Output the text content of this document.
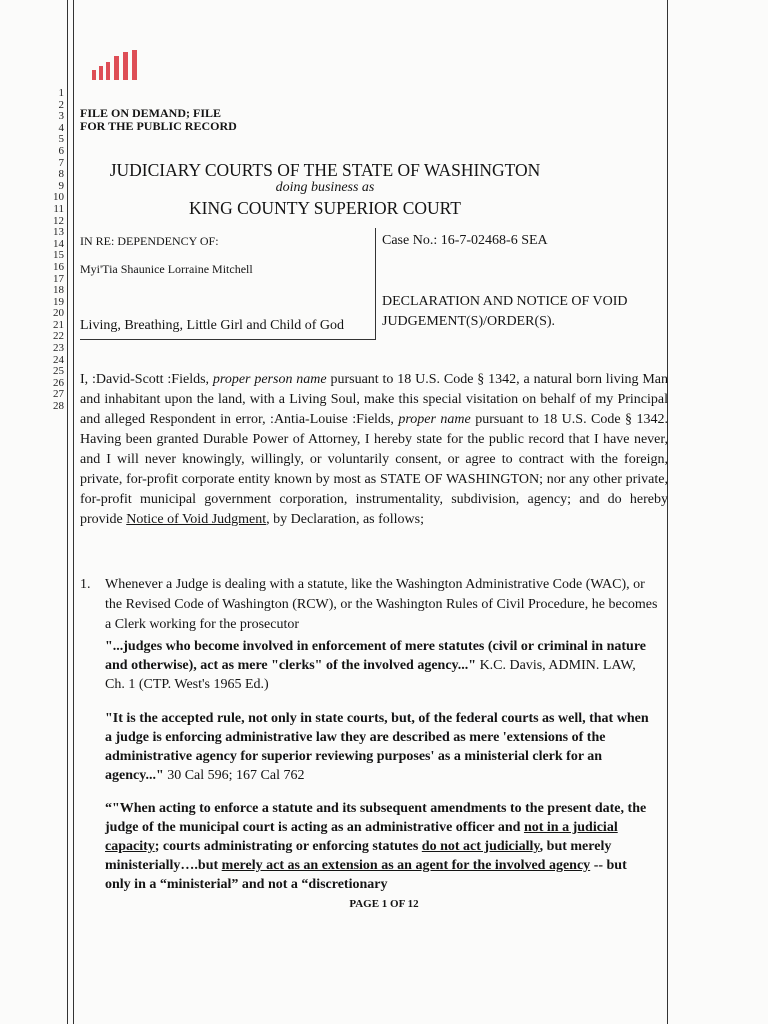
1
2
3
4
5
6
7
8
9
10
11
12
13
14
15
16
17
18
19
20
21
22
23
24
25
26
27
28
FILE ON DEMAND; FILE
FOR THE PUBLIC RECORD
JUDICIARY COURTS OF THE STATE OF WASHINGTON
doing business as
KING COUNTY SUPERIOR COURT
IN RE: DEPENDENCY OF:
Myi'Tia Shaunice Lorraine Mitchell
Living, Breathing, Little Girl and Child of God
Case No.: 16-7-02468-6 SEA
DECLARATION AND NOTICE OF VOID
JUDGEMENT(S)/ORDER(S).
I, :David-Scott :Fields, proper person name pursuant to 18 U.S. Code § 1342, a natural born living Man and inhabitant upon the land, with a Living Soul, make this special visitation on behalf of my Principal and alleged Respondent in error, :Antia-Louise :Fields, proper name pursuant to 18 U.S. Code § 1342. Having been granted Durable Power of Attorney, I hereby state for the public record that I have never, and I will never knowingly, willingly, or voluntarily consent, or agree to contract with the foreign, private, for-profit corporate entity known by most as STATE OF WASHINGTON; nor any other private, for-profit municipal government corporation, instrumentality, subdivision, agency; and do hereby provide Notice of Void Judgment, by Declaration, as follows;
1. Whenever a Judge is dealing with a statute, like the Washington Administrative Code (WAC), or the Revised Code of Washington (RCW), or the Washington Rules of Civil Procedure, he becomes a Clerk working for the prosecutor
"...judges who become involved in enforcement of mere statutes (civil or criminal in nature and otherwise), act as mere "clerks" of the involved agency..." K.C. Davis, ADMIN. LAW, Ch. 1 (CTP. West's 1965 Ed.)
"It is the accepted rule, not only in state courts, but, of the federal courts as well, that when a judge is enforcing administrative law they are described as mere 'extensions of the administrative agency for superior reviewing purposes' as a ministerial clerk for an agency..." 30 Cal 596; 167 Cal 762
“"When acting to enforce a statute and its subsequent amendments to the present date, the judge of the municipal court is acting as an administrative officer and not in a judicial capacity; courts administrating or enforcing statutes do not act judicially, but merely ministerially….but merely act as an extension as an agent for the involved agency -- but only in a “ministerial” and not a “discretionary
PAGE 1 OF 12
